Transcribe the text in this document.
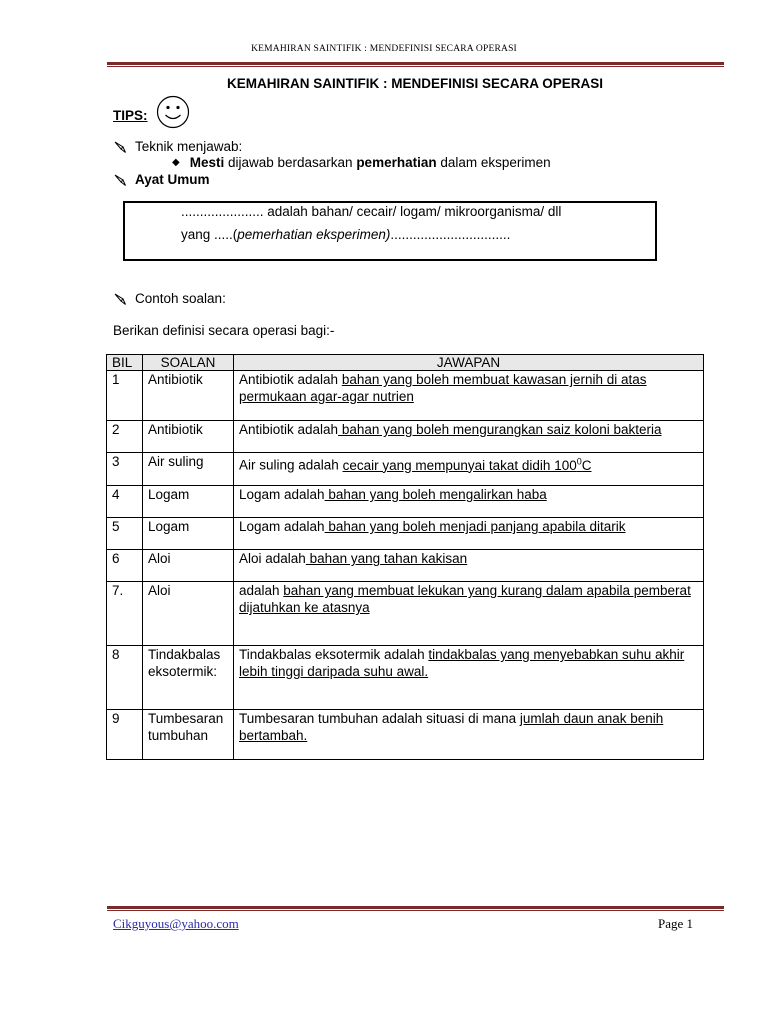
KEMAHIRAN SAINTIFIK : MENDEFINISI SECARA OPERASI
KEMAHIRAN SAINTIFIK : MENDEFINISI SECARA OPERASI
TIPS:
Teknik menjawab:
◆ Mesti dijawab berdasarkan pemerhatian dalam eksperimen
Ayat Umum
...................... adalah bahan/ cecair/ logam/ mikroorganisma/ dll
yang .....(pemerhatian eksperimen)................................
Contoh soalan:
Berikan definisi secara operasi bagi:-
BIL	SOALAN	JAWAPAN
1	Antibiotik	Antibiotik adalah bahan yang boleh membuat kawasan jernih di atas permukaan agar-agar nutrien
2	Antibiotik	Antibiotik adalah bahan yang boleh mengurangkan saiz koloni bakteria
3	Air suling	Air suling adalah cecair yang mempunyai takat didih $100^0C$
4	Logam	Logam adalah bahan yang boleh mengalirkan haba
5	Logam	Logam adalah bahan yang boleh menjadi panjang apabila ditarik
6	Aloi	Aloi adalah bahan yang tahan kakisan
7.	Aloi	adalah bahan yang membuat lekukan yang kurang dalam apabila pemberat dijatuhkan ke atasnya
8	Tindakbalas eksotermik:	Tindakbalas eksotermik adalah tindakbalas yang menyebabkan suhu akhir lebih tinggi daripada suhu awal.
9	Tumbesaran tumbuhan	Tumbesaran tumbuhan adalah situasi di mana jumlah daun anak benih bertambah.
Cikguyous@yahoo.com	Page 1
